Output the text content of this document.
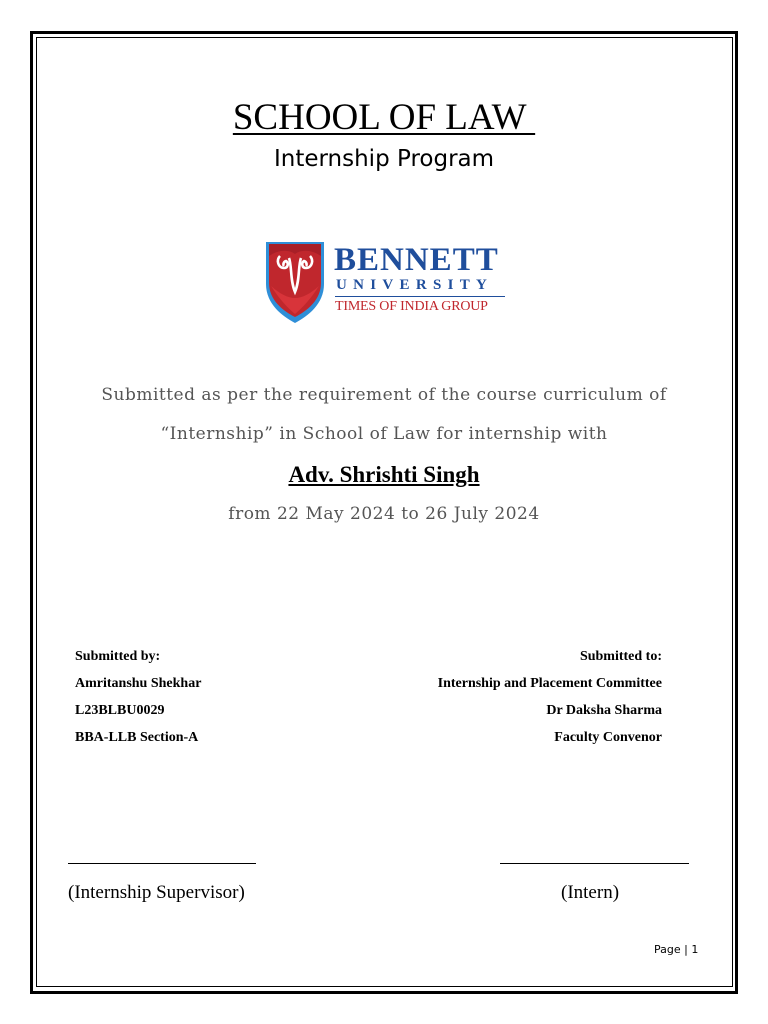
SCHOOL OF LAW
Internship Program
BENNETT
UNIVERSITY
TIMES OF INDIA GROUP
Submitted as per the requirement of the course curriculum of
“Internship” in School of Law for internship with
Adv. Shrishti Singh
from 22 May 2024 to 26 July 2024
Submitted by:
Amritanshu Shekhar
L23BLBU0029
BBA-LLB Section-A
Submitted to:
Internship and Placement Committee
Dr Daksha Sharma
Faculty Convenor
(Internship Supervisor)	(Intern)
Page | 1
